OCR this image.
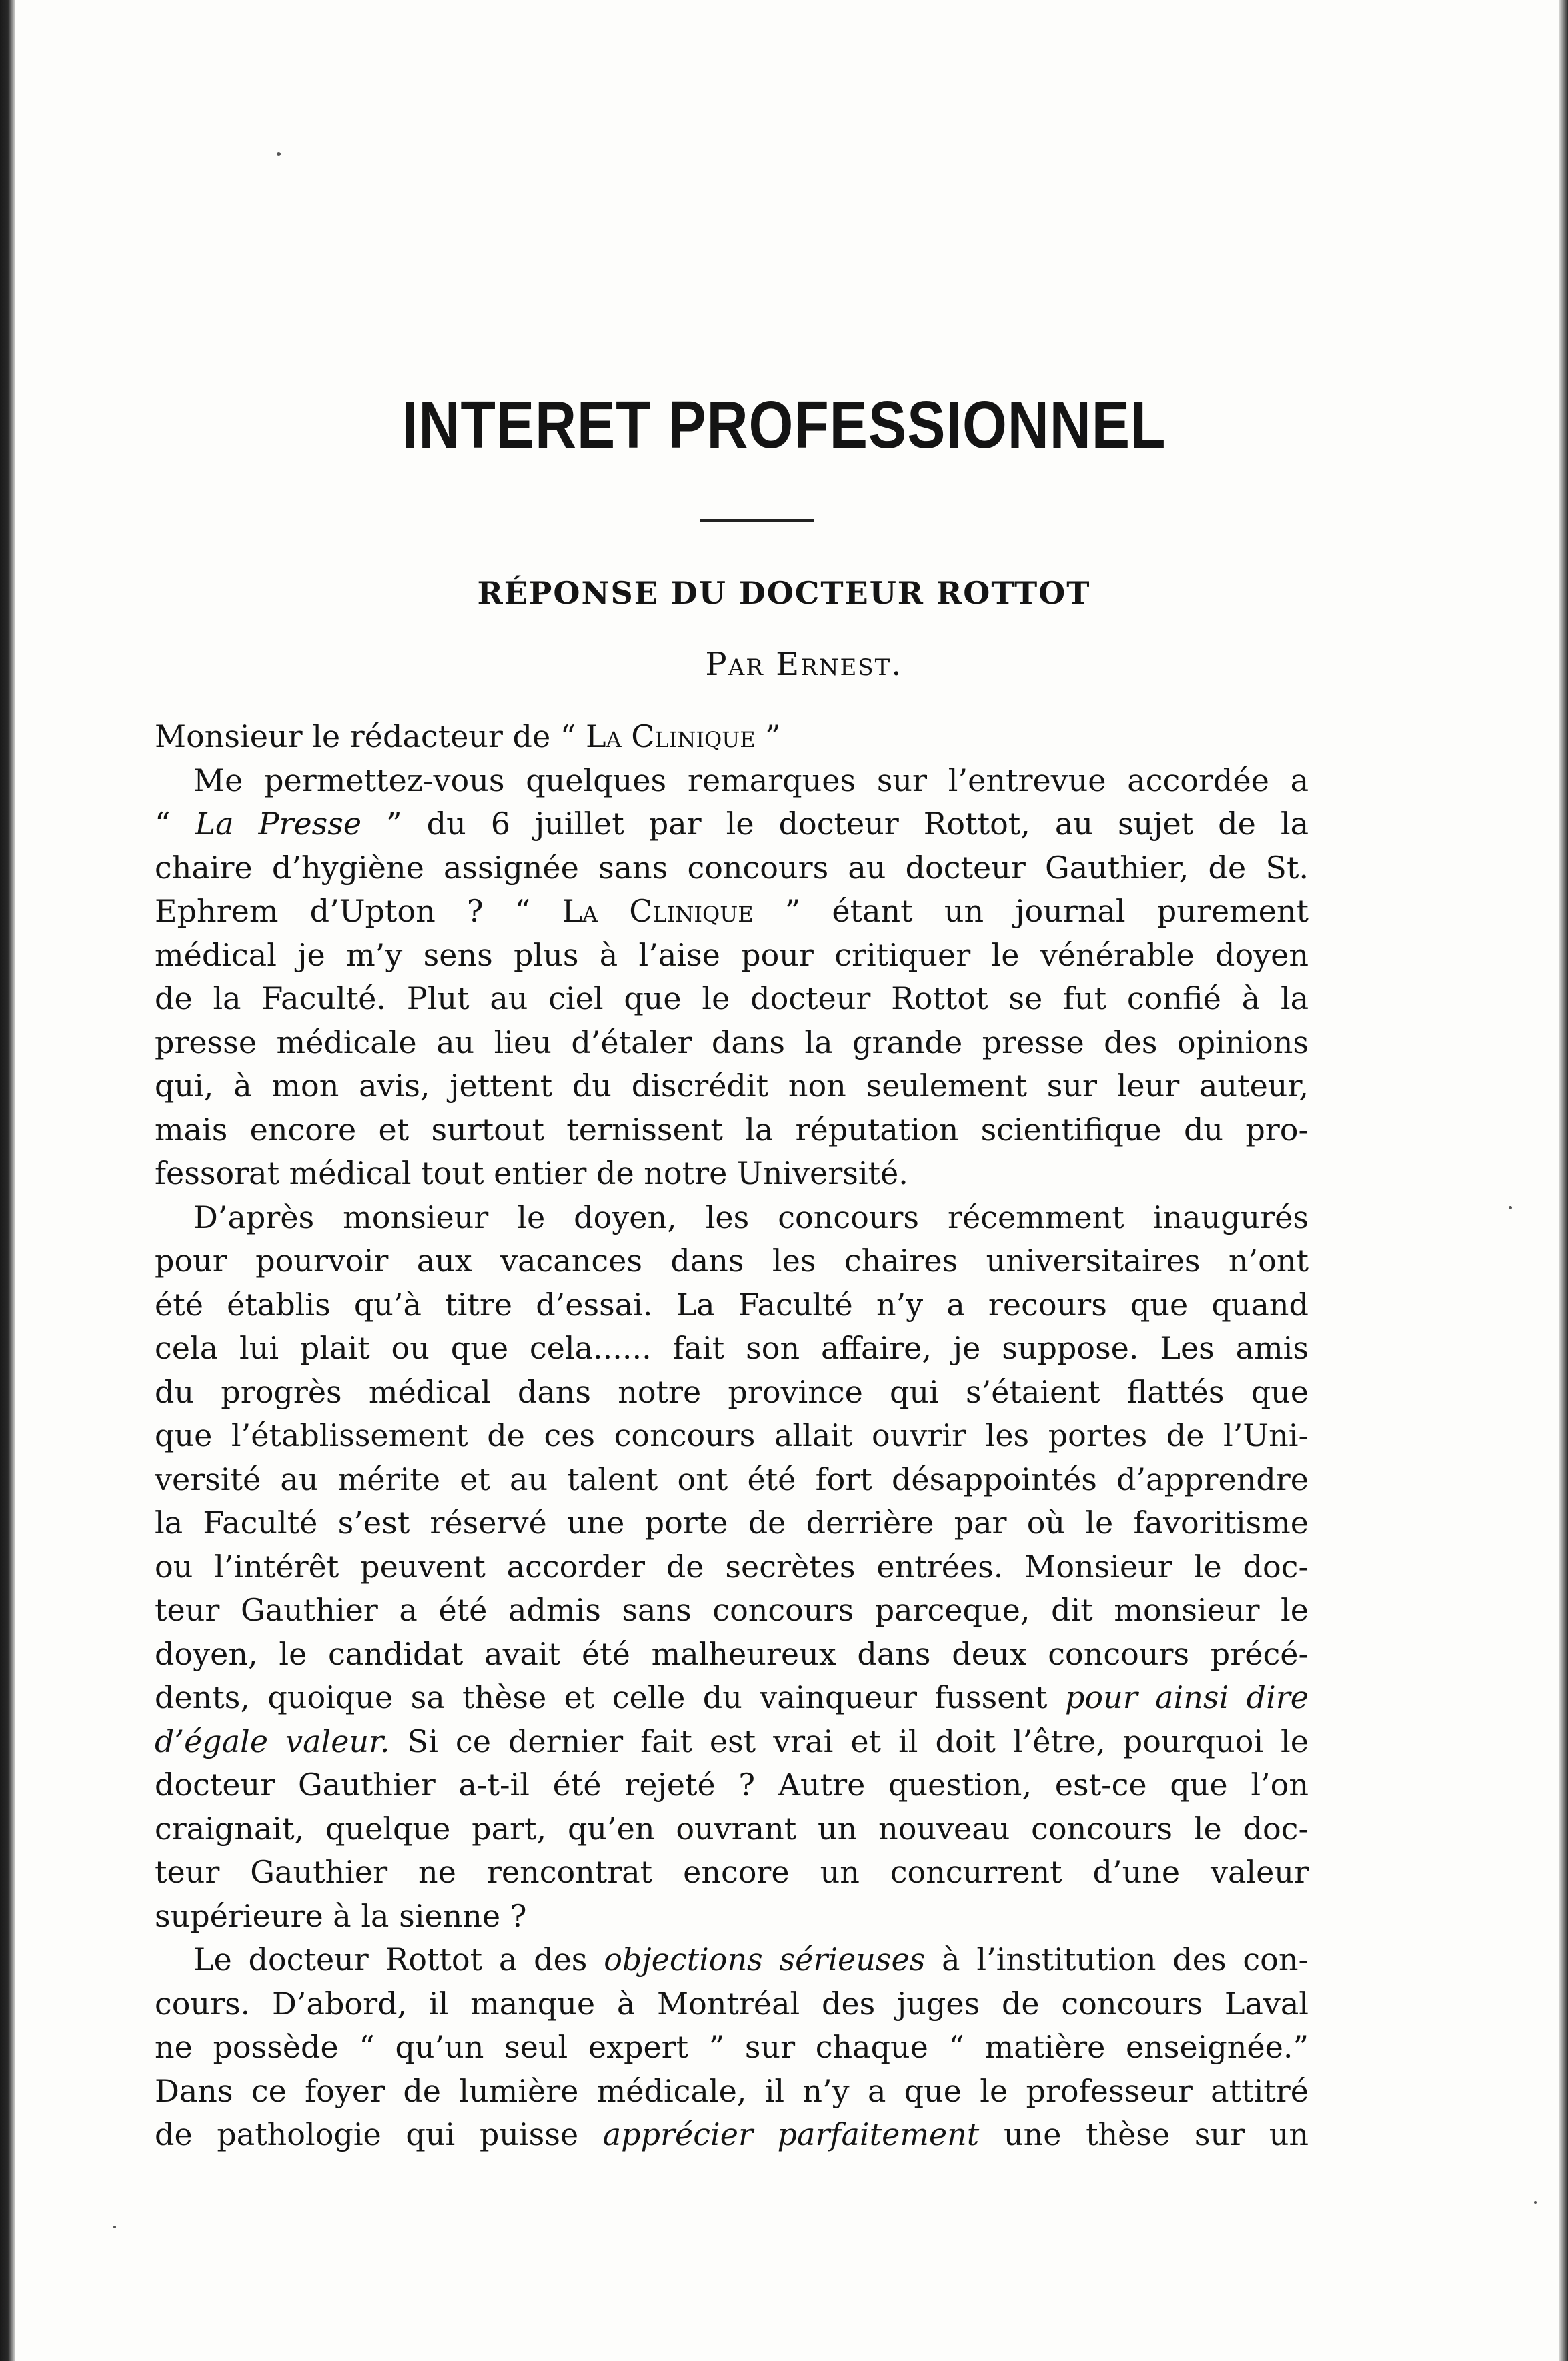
INTERET PROFESSIONNEL
RÉPONSE DU DOCTEUR ROTTOT
Par Ernest.
Monsieur le rédacteur de “ La Clinique ”
Me permettez-vous quelques remarques sur l’entrevue accordée a
“ La Presse ” du 6 juillet par le docteur Rottot, au sujet de la
chaire d’hygiène assignée sans concours au docteur Gauthier, de St.
Ephrem d’Upton ? “ La Clinique ” étant un journal purement
médical je m’y sens plus à l’aise pour critiquer le vénérable doyen
de la Faculté. Plut au ciel que le docteur Rottot se fut confié à la
presse médicale au lieu d’étaler dans la grande presse des opinions
qui, à mon avis, jettent du discrédit non seulement sur leur auteur,
mais encore et surtout ternissent la réputation scientifique du pro-
fessorat médical tout entier de notre Université.
D’après monsieur le doyen, les concours récemment inaugurés
pour pourvoir aux vacances dans les chaires universitaires n’ont
été établis qu’à titre d’essai. La Faculté n’y a recours que quand
cela lui plait ou que cela...... fait son affaire, je suppose. Les amis
du progrès médical dans notre province qui s’étaient flattés que
que l’établissement de ces concours allait ouvrir les portes de l’Uni-
versité au mérite et au talent ont été fort désappointés d’apprendre
la Faculté s’est réservé une porte de derrière par où le favoritisme
ou l’intérêt peuvent accorder de secrètes entrées. Monsieur le doc-
teur Gauthier a été admis sans concours parceque, dit monsieur le
doyen, le candidat avait été malheureux dans deux concours précé-
dents, quoique sa thèse et celle du vainqueur fussent pour ainsi dire
d’égale valeur. Si ce dernier fait est vrai et il doit l’être, pourquoi le
docteur Gauthier a-t-il été rejeté ? Autre question, est-ce que l’on
craignait, quelque part, qu’en ouvrant un nouveau concours le doc-
teur Gauthier ne rencontrat encore un concurrent d’une valeur
supérieure à la sienne ?
Le docteur Rottot a des objections sérieuses à l’institution des con-
cours. D’abord, il manque à Montréal des juges de concours Laval
ne possède “ qu’un seul expert ” sur chaque “ matière enseignée.”
Dans ce foyer de lumière médicale, il n’y a que le professeur attitré
de pathologie qui puisse apprécier parfaitement une thèse sur un
